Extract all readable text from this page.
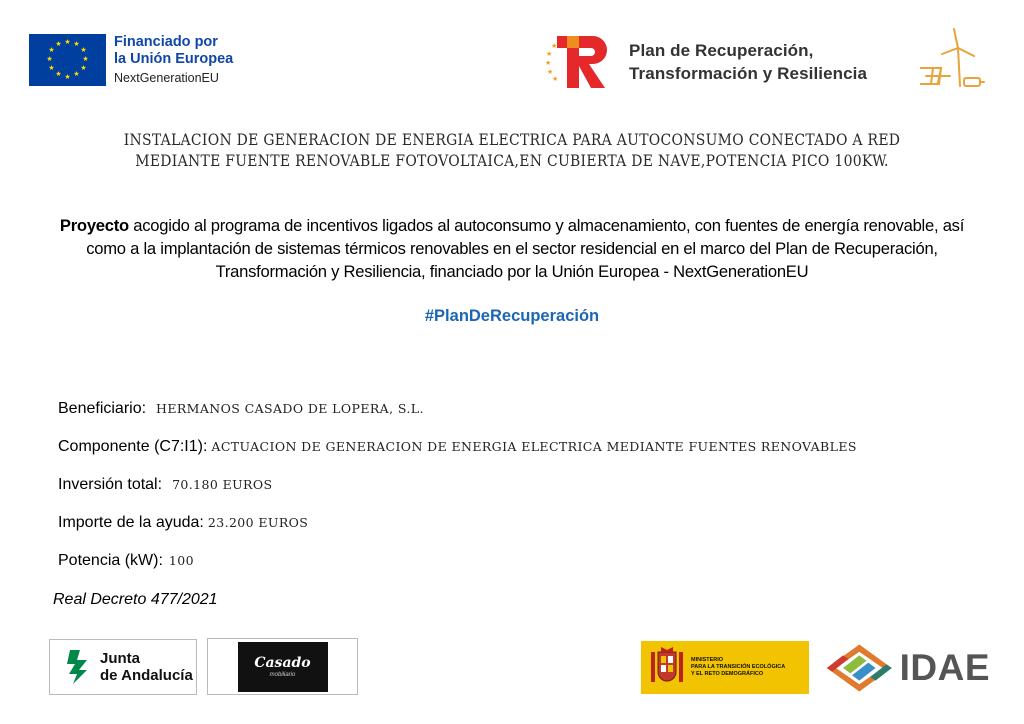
★ ★
★
★
★
★
★
★
★
★
★
★	Financiado por
la Unión Europea
NextGenerationEU
★
★
★
★
★	Plan de Recuperación,
Transformación y Resiliencia
INSTALACION DE GENERACION DE ENERGIA ELECTRICA PARA AUTOCONSUMO CONECTADO A RED
MEDIANTE FUENTE RENOVABLE FOTOVOLTAICA,EN CUBIERTA DE NAVE,POTENCIA PICO 100KW.
Proyecto acogido al programa de incentivos ligados al autoconsumo y almacenamiento, con fuentes de energía renovable, así como a la implantación de sistemas térmicos renovables en el sector residencial en el marco del Plan de Recuperación, Transformación y Resiliencia, financiado por la Unión Europea - NextGenerationEU
#PlanDeRecuperación
Beneficiario: HERMANOS CASADO DE LOPERA, S.L.
Componente (C7:I1): ACTUACION DE GENERACION DE ENERGIA ELECTRICA MEDIANTE FUENTES RENOVABLES
Inversión total: 70.180 EUROS
Importe de la ayuda: 23.200 EUROS
Potencia (kW): 100
Real Decreto 477/2021
Junta
de Andalucía
Casado
mobiliario
MINISTERIO
PARA LA TRANSICIÓN ECOLÓGICA
Y EL RETO DEMOGRÁFICO	IDAE
